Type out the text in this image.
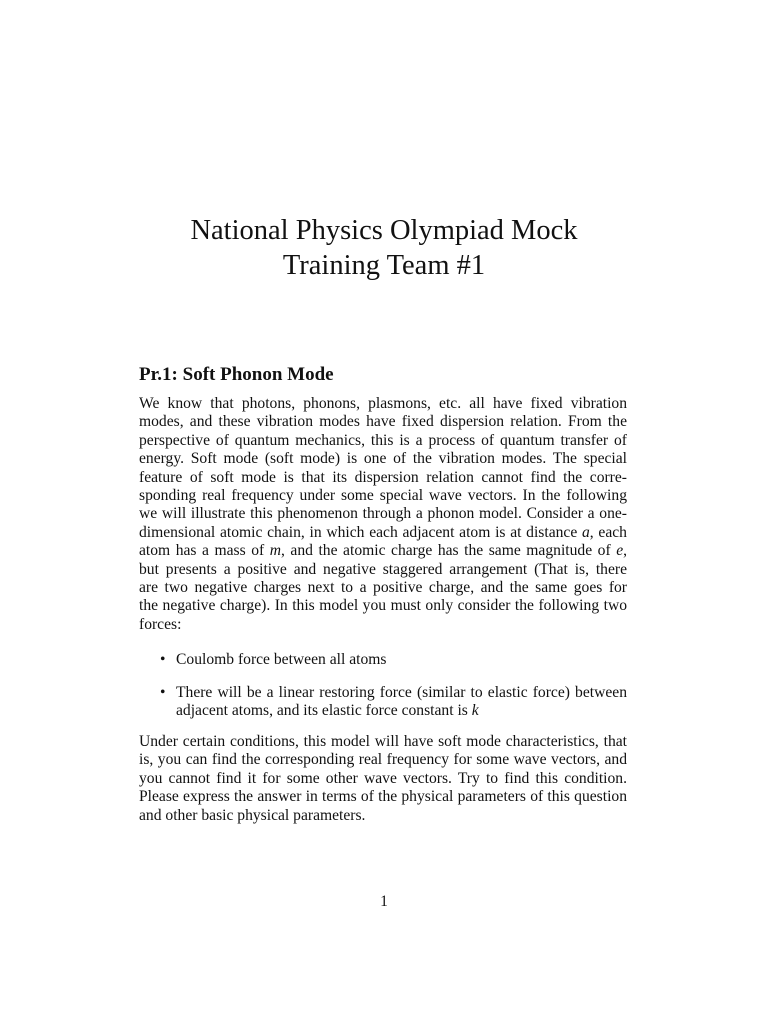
National Physics Olympiad Mock
Training Team #1
Pr.1: Soft Phonon Mode
We know that photons, phonons, plasmons, etc. all have fixed vibration
modes, and these vibration modes have fixed dispersion relation. From the
perspective of quantum mechanics, this is a process of quantum transfer of
energy. Soft mode (soft mode) is one of the vibration modes. The special
feature of soft mode is that its dispersion relation cannot find the corre-
sponding real frequency under some special wave vectors. In the following
we will illustrate this phenomenon through a phonon model. Consider a one-
dimensional atomic chain, in which each adjacent atom is at distance a, each
atom has a mass of m, and the atomic charge has the same magnitude of e,
but presents a positive and negative staggered arrangement (That is, there
are two negative charges next to a positive charge, and the same goes for
the negative charge). In this model you must only consider the following two
forces:
• Coulomb force between all atoms
• There will be a linear restoring force (similar to elastic force) between
adjacent atoms, and its elastic force constant is k
Under certain conditions, this model will have soft mode characteristics, that
is, you can find the corresponding real frequency for some wave vectors, and
you cannot find it for some other wave vectors. Try to find this condition.
Please express the answer in terms of the physical parameters of this question
and other basic physical parameters.
1
